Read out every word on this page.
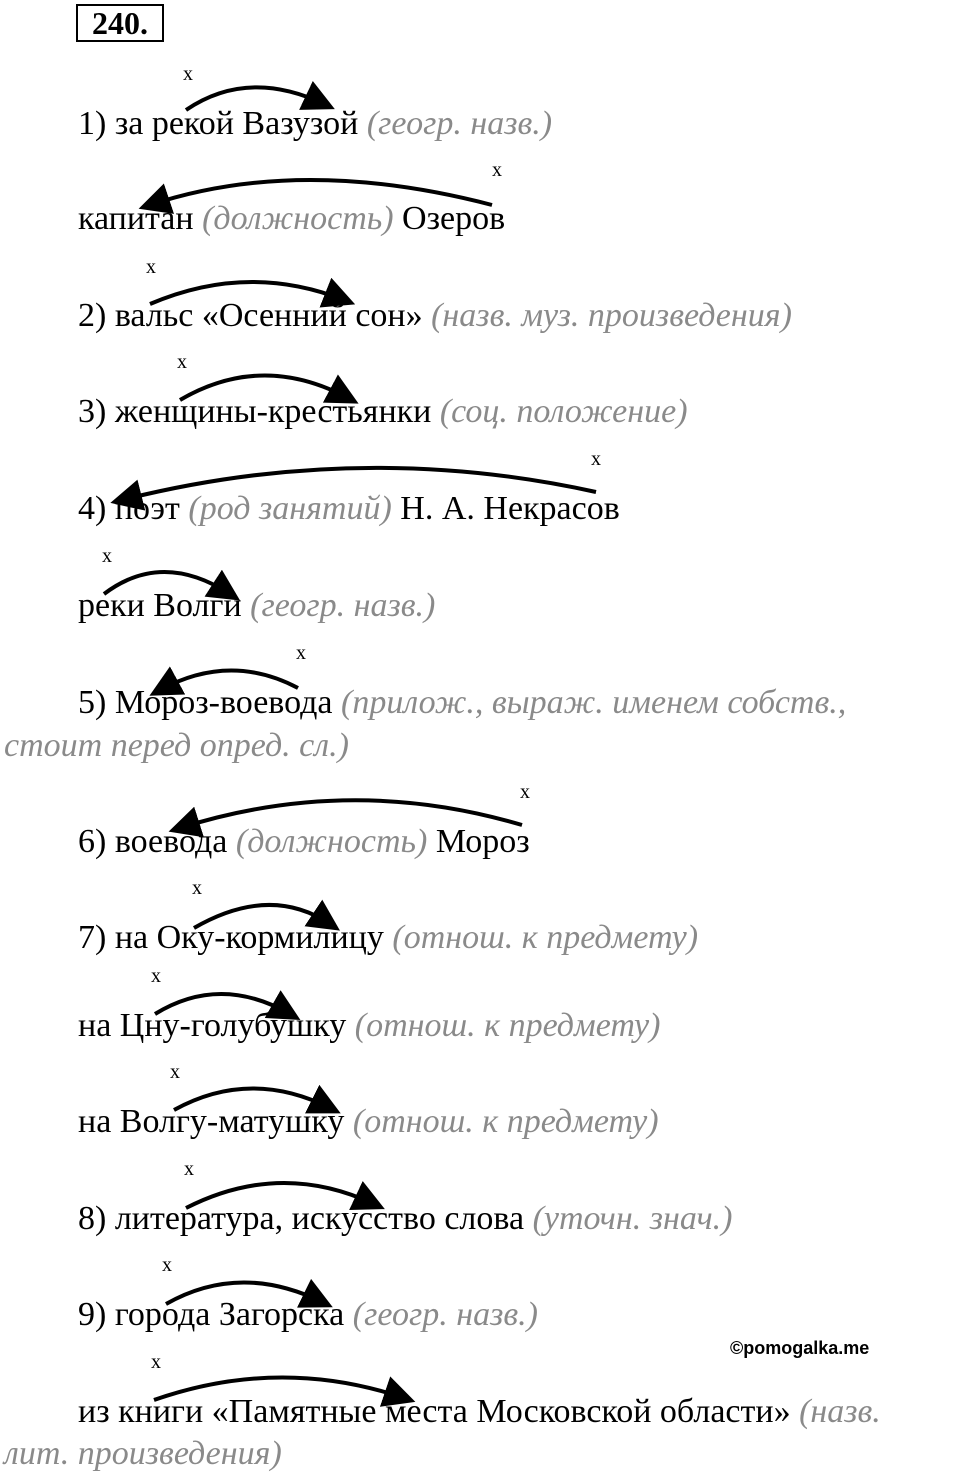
240.
1) за рекой Вазузой (геогр. назв.)
капитан (должность) Озеров
2) вальс «Осенний сон» (назв. муз. произведения)
3) женщины-крестьянки (соц. положение)
4) поэт (род занятий) Н. А. Некрасов
реки Волги (геогр. назв.)
5) Мороз-воевода (прилож., выраж. именем собств.,
стоит перед опред. сл.)
6) воевода (должность) Мороз
7) на Оку-кормилицу (отнош. к предмету)
на Цну-голубушку (отнош. к предмету)
на Волгу-матушку (отнош. к предмету)
8) литература, искусство слова (уточн. знач.)
9) города Загорска (геогр. назв.)
из книги «Памятные места Московской области» (назв.
лит. произведения)
x
x
x
x
x
x
x
x
x
x
x
x
x
x
©pomogalka.me
